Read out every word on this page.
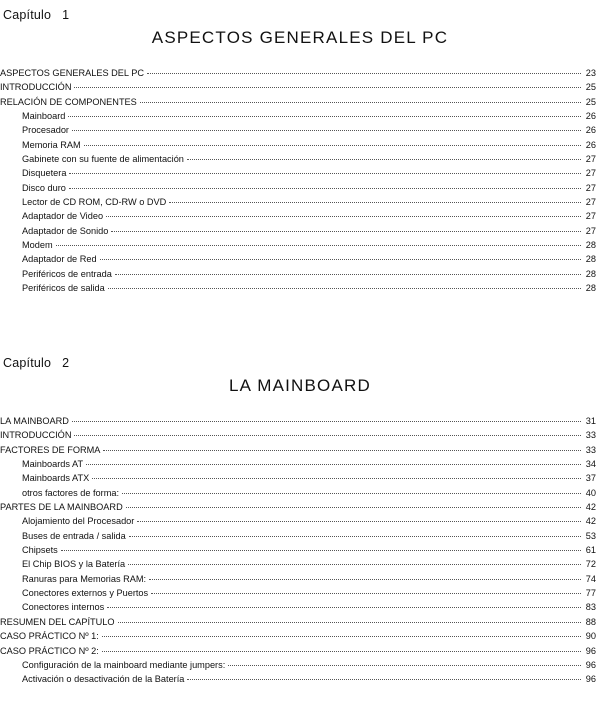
Capítulo   1
ASPECTOS GENERALES DEL PC
ASPECTOS GENERALES DEL PC	23
INTRODUCCIÓN	25
RELACIÓN DE COMPONENTES	25
Mainboard	26
Procesador	26
Memoria RAM	26
Gabinete con su fuente de alimentación	27
Disquetera	27
Disco duro	27
Lector de CD ROM, CD-RW o DVD	27
Adaptador de Video	27
Adaptador de Sonido	27
Modem	28
Adaptador de Red	28
Periféricos de entrada	28
Periféricos de salida	28
Capítulo   2
LA MAINBOARD
LA MAINBOARD	31
INTRODUCCIÓN	33
FACTORES DE FORMA	33
Mainboards AT	34
Mainboards ATX	37
otros factores de forma:	40
PARTES DE LA MAINBOARD	42
Alojamiento del Procesador	42
Buses de entrada / salida	53
Chipsets	61
El Chip BIOS y la Batería	72
Ranuras para Memorias RAM:	74
Conectores externos y Puertos	77
Conectores internos	83
RESUMEN DEL CAPÍTULO	88
CASO PRÁCTICO Nº 1:	90
CASO PRÁCTICO Nº 2:	96
Configuración de la mainboard mediante jumpers:	96
Activación o desactivación de la Batería	96
